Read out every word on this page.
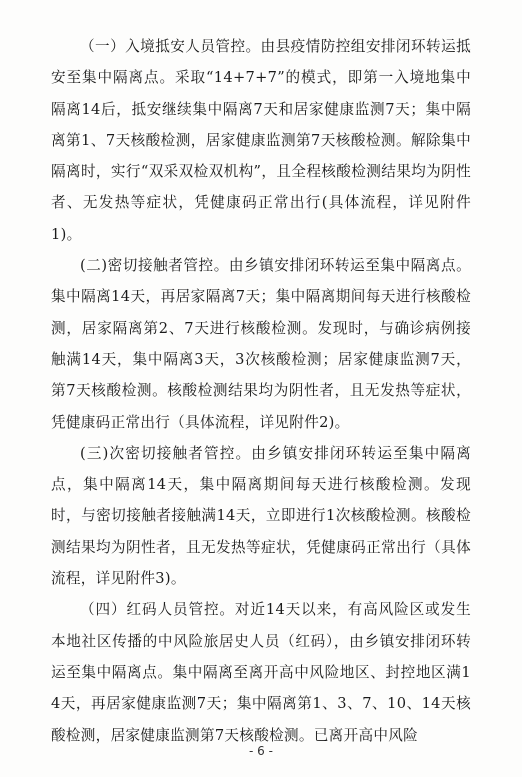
（一）入境抵安人员管控。由县疫情防控组安排闭环转运抵安至集中隔离点。采取“14+7+7”的模式，即第一入境地集中隔离14后，抵安继续集中隔离7天和居家健康监测7天；集中隔离第1、7天核酸检测，居家健康监测第7天核酸检测。解除集中隔离时，实行“双采双检双机构”，且全程核酸检测结果均为阴性者、无发热等症状，凭健康码正常出行(具体流程，详见附件1)。

(二)密切接触者管控。由乡镇安排闭环转运至集中隔离点。集中隔离14天，再居家隔离7天；集中隔离期间每天进行核酸检测，居家隔离第2、7天进行核酸检测。发现时，与确诊病例接触满14天，集中隔离3天，3次核酸检测；居家健康监测7天，第7天核酸检测。核酸检测结果均为阴性者，且无发热等症状，凭健康码正常出行（具体流程，详见附件2)。

(三)次密切接触者管控。由乡镇安排闭环转运至集中隔离点，集中隔离14天，集中隔离期间每天进行核酸检测。发现时，与密切接触者接触满14天，立即进行1次核酸检测。核酸检测结果均为阴性者，且无发热等症状，凭健康码正常出行（具体流程，详见附件3)。

（四）红码人员管控。对近14天以来，有高风险区或发生本地社区传播的中风险旅居史人员（红码），由乡镇安排闭环转运至集中隔离点。集中隔离至离开高中风险地区、封控地区满14天，再居家健康监测7天；集中隔离第1、3、7、10、14天核酸检测，居家健康监测第7天核酸检测。已离开高中风险

- 6 -
